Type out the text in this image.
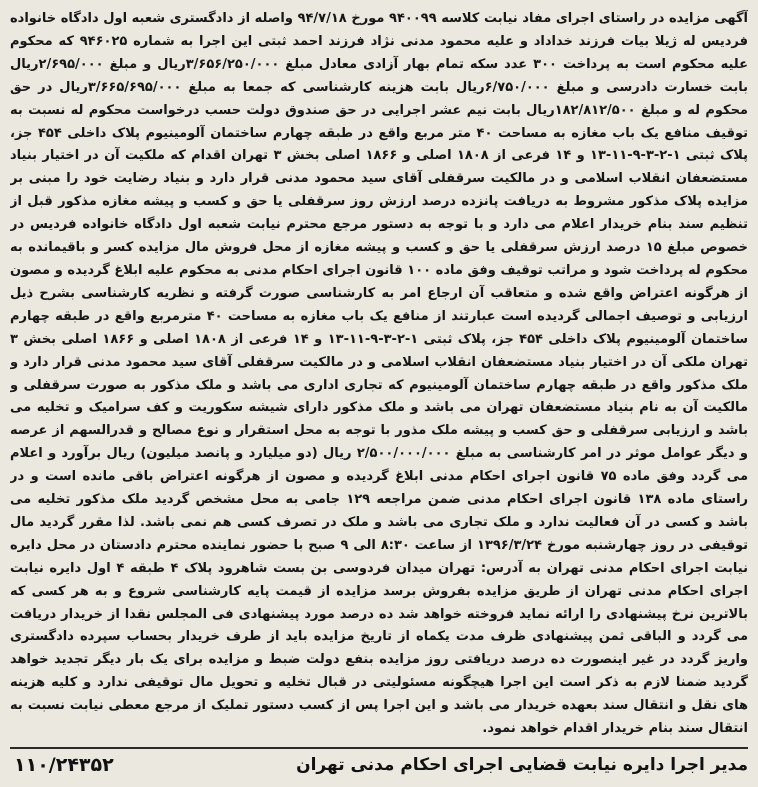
آگهی مزایده در راستای اجرای مفاد نیابت کلاسه ۹۴۰۰۹۹ مورخ ۹۴/۷/۱۸ واصله از دادگستری شعبه اول دادگاه خانواده فردیس له ژیلا بیات فرزند خداداد و علیه محمود مدنی نژاد فرزند احمد ثبتی این اجرا به شماره ۹۴۶۰۲۵ که محکوم علیه محکوم است به پرداخت ۳۰۰ عدد سکه تمام بهار آزادی معادل مبلغ ۳/۶۵۶/۲۵۰/۰۰۰ریال و مبلغ ۲/۶۹۵/۰۰۰ریال بابت خسارت دادرسی و مبلغ ۶/۷۵۰/۰۰۰ریال بابت هزینه کارشناسی که جمعا به مبلغ ۳/۶۶۵/۶۹۵/۰۰۰ریال در حق محکوم له و مبلغ ۱۸۲/۸۱۲/۵۰۰ریال بابت نیم عشر اجرایی در حق صندوق دولت حسب درخواست محکوم له نسبت به توقیف منافع یک باب مغازه به مساحت ۴۰ متر مربع واقع در طبقه چهارم ساختمان آلومینیوم پلاک داخلی ۴۵۴ جز، پلاک ثبتی ۱-۲-۳-۹-۱۱-۱۳ و ۱۴ فرعی از ۱۸۰۸ اصلی و ۱۸۶۶ اصلی بخش ۳ تهران اقدام که ملکیت آن در اختیار بنیاد مستضعفان انقلاب اسلامی و در مالکیت سرقفلی آقای سید محمود مدنی قرار دارد و بنیاد رضایت خود را مبنی بر مزایده پلاک مذکور مشروط به دریافت پانزده درصد ارزش روز سرقفلی یا حق و کسب و پیشه مغازه مذکور قبل از تنظیم سند بنام خریدار اعلام می دارد و با توجه به دستور مرجع محترم نیابت شعبه اول دادگاه خانواده فردیس در خصوص مبلغ ۱۵ درصد ارزش سرقفلی یا حق و کسب و پیشه مغازه از محل فروش مال مزایده کسر و باقیمانده به محکوم له پرداخت شود و مراتب توقیف وفق ماده ۱۰۰ قانون اجرای احکام مدنی به محکوم علیه ابلاغ گردیده و مصون از هرگونه اعتراض واقع شده و متعاقب آن ارجاع امر به کارشناسی صورت گرفته و نظریه کارشناسی بشرح ذیل ارزیابی و توصیف اجمالی گردیده است عبارتند از منافع یک باب مغازه به مساحت ۴۰ مترمربع واقع در طبقه چهارم ساختمان آلومینیوم پلاک داخلی ۴۵۴ جز، پلاک ثبتی ۱-۲-۳-۹-۱۱-۱۳ و ۱۴ فرعی از ۱۸۰۸ اصلی و ۱۸۶۶ اصلی بخش ۳ تهران ملکی آن در اختیار بنیاد مستضعفان انقلاب اسلامی و در مالکیت سرقفلی آقای سید محمود مدنی قرار دارد و ملک مذکور واقع در طبقه چهارم ساختمان آلومینیوم که تجاری اداری می باشد و ملک مذکور به صورت سرقفلی و مالکیت آن به نام بنیاد مستضعفان تهران می باشد و ملک مذکور دارای شیشه سکوریت و کف سرامیک و تخلیه می باشد و ارزیابی سرقفلی و حق کسب و پیشه ملک مذور با توجه به محل استقرار و نوع مصالح و قدرالسهم از عرصه و دیگر عوامل موثر در امر کارشناسی به مبلغ ۲/۵۰۰/۰۰۰/۰۰۰ ریال (دو میلیارد و پانصد میلیون) ریال برآورد و اعلام می گردد وفق ماده ۷۵ قانون اجرای احکام مدنی ابلاغ گردیده و مصون از هرگونه اعتراض باقی مانده است و در راستای ماده ۱۳۸ قانون اجرای احکام مدنی ضمن مراجعه ۱۲۹ جامی به محل مشخص گردید ملک مذکور تخلیه می باشد و کسی در آن فعالیت ندارد و ملک تجاری می باشد و ملک در تصرف کسی هم نمی باشد. لذا مقرر گردید مال توقیفی در روز چهارشنبه مورخ ۱۳۹۶/۳/۲۴ از ساعت ۸:۳۰ الی ۹ صبح با حضور نماینده محترم دادستان در محل دایره نیابت اجرای احکام مدنی تهران به آدرس: تهران میدان فردوسی بن بست شاهرود پلاک ۴ طبقه ۴ اول دایره نیابت اجرای احکام مدنی تهران از طریق مزایده بفروش برسد مزایده از قیمت پایه کارشناسی شروع و به هر کسی که بالاترین نرخ پیشنهادی را ارائه نماید فروخته خواهد شد ده درصد مورد پیشنهادی فی المجلس نقدا از خریدار دریافت می گردد و الباقی ثمن پیشنهادی ظرف مدت یکماه از تاریخ مزایده باید از طرف خریدار بحساب سپرده دادگستری واریز گردد در غیر اینصورت ده درصد دریافتی روز مزایده بنفع دولت ضبط و مزایده برای یک بار دیگر تجدید خواهد گردید ضمنا لازم به ذکر است این اجرا هیچگونه مسئولیتی در قبال تخلیه و تحویل مال توقیفی ندارد و کلیه هزینه های نقل و انتقال سند بعهده خریدار می باشد و این اجرا پس از کسب دستور تملیک از مرجع معطی نیابت نسبت به انتقال سند بنام خریدار اقدام خواهد نمود.

مدیر اجرا دایره نیابت قضایی اجرای احکام مدنی تهران
۱۱۰/۲۴۳۵۲
